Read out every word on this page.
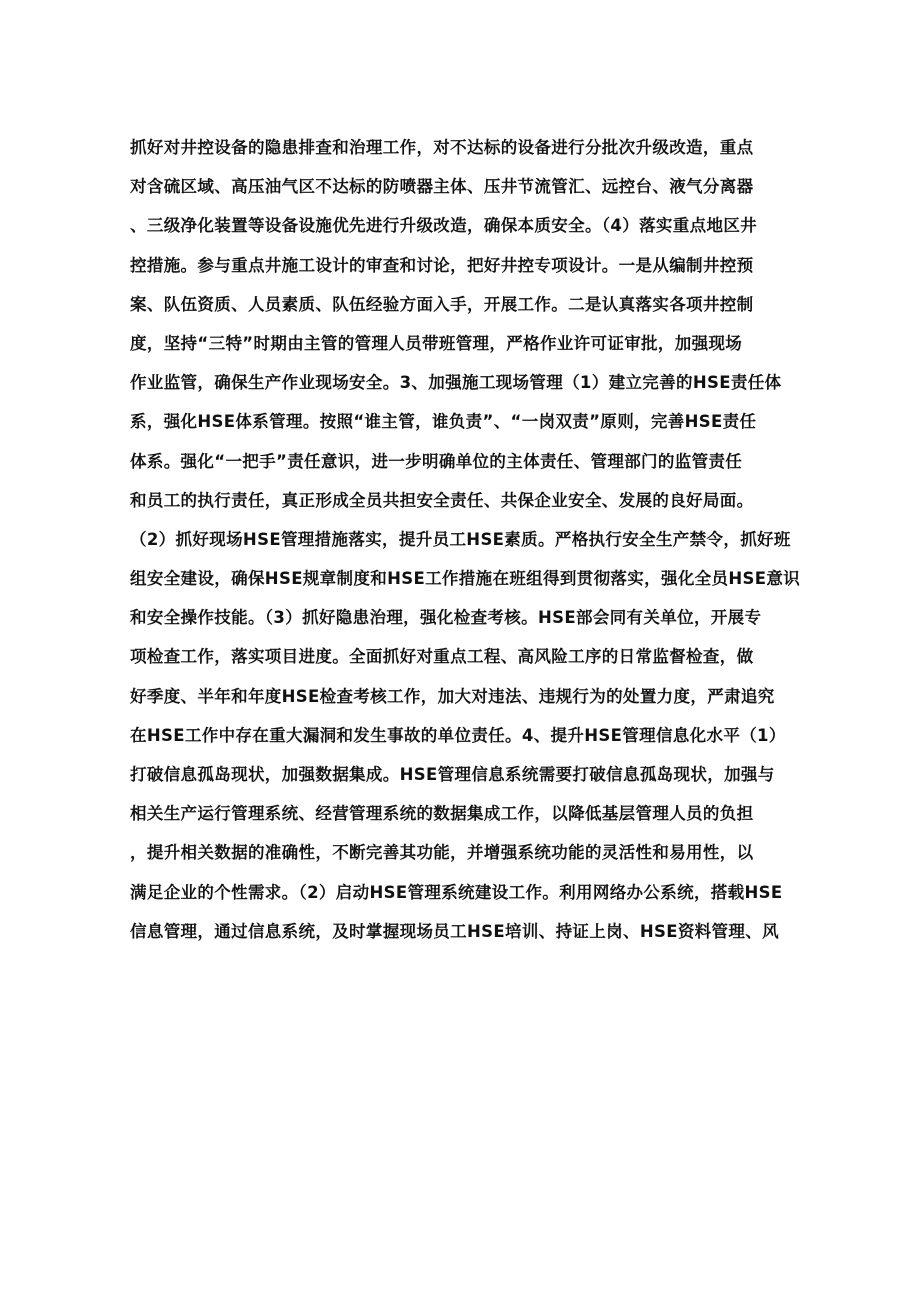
抓好对井控设备的隐患排查和治理工作，对不达标的设备进行分批次升级改造，重点
对含硫区域、高压油气区不达标的防喷器主体、压井节流管汇、远控台、液气分离器
、三级净化装置等设备设施优先进行升级改造，确保本质安全。（4）落实重点地区井
控措施。参与重点井施工设计的审查和讨论，把好井控专项设计。一是从编制井控预
案、队伍资质、人员素质、队伍经验方面入手，开展工作。二是认真落实各项井控制
度，坚持“三特”时期由主管的管理人员带班管理，严格作业许可证审批，加强现场
作业监管，确保生产作业现场安全。3、加强施工现场管理（1）建立完善的HSE责任体
系，强化HSE体系管理。按照“谁主管，谁负责”、“一岗双责”原则，完善HSE责任
体系。强化“一把手”责任意识，进一步明确单位的主体责任、管理部门的监管责任
和员工的执行责任，真正形成全员共担安全责任、共保企业安全、发展的良好局面。
（2）抓好现场HSE管理措施落实，提升员工HSE素质。严格执行安全生产禁令，抓好班
组安全建设，确保HSE规章制度和HSE工作措施在班组得到贯彻落实，强化全员HSE意识
和安全操作技能。（3）抓好隐患治理，强化检查考核。HSE部会同有关单位，开展专
项检查工作，落实项目进度。全面抓好对重点工程、高风险工序的日常监督检查，做
好季度、半年和年度HSE检查考核工作，加大对违法、违规行为的处置力度，严肃追究
在HSE工作中存在重大漏洞和发生事故的单位责任。4、提升HSE管理信息化水平（1）
打破信息孤岛现状，加强数据集成。HSE管理信息系统需要打破信息孤岛现状，加强与
相关生产运行管理系统、经营管理系统的数据集成工作，以降低基层管理人员的负担
，提升相关数据的准确性，不断完善其功能，并增强系统功能的灵活性和易用性，以
满足企业的个性需求。（2）启动HSE管理系统建设工作。利用网络办公系统，搭载HSE
信息管理，通过信息系统，及时掌握现场员工HSE培训、持证上岗、HSE资料管理、风
